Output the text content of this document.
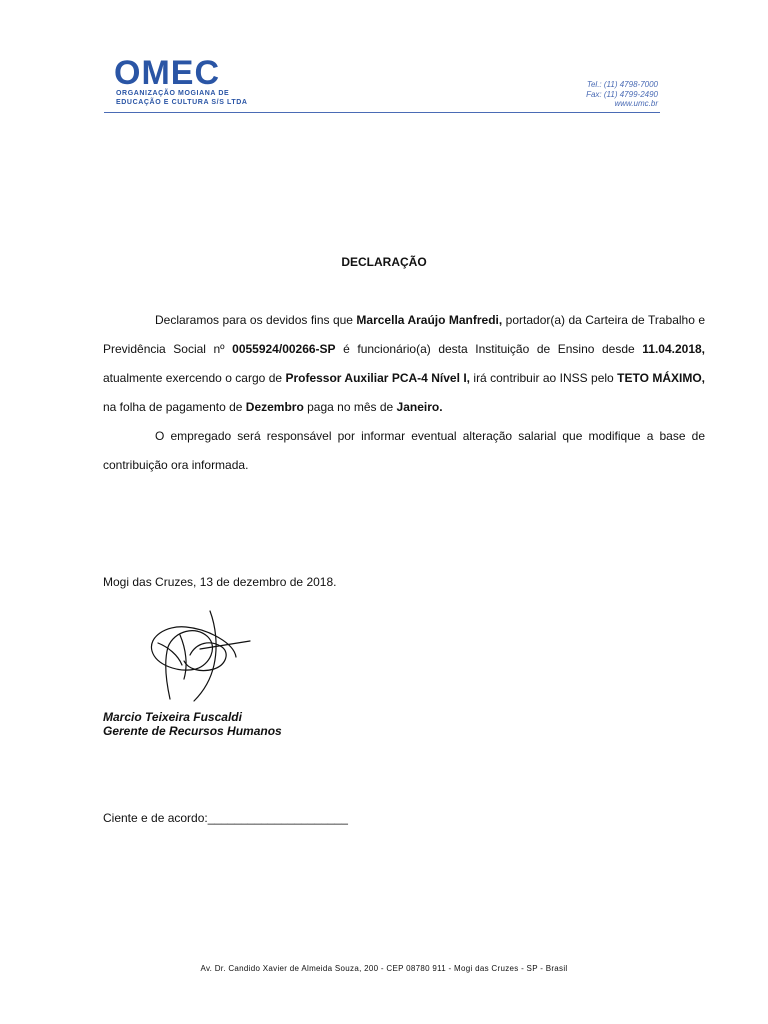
OMEC
ORGANIZAÇÃO MOGIANA DE
EDUCAÇÃO E CULTURA S/S LTDA
Tel.: (11) 4798-7000
Fax: (11) 4799-2490
www.umc.br
DECLARAÇÃO

Declaramos para os devidos fins que Marcella Araújo Manfredi, portador(a) da Carteira de Trabalho e Previdência Social nº 0055924/00266-SP é funcionário(a) desta Instituição de Ensino desde 11.04.2018, atualmente exercendo o cargo de Professor Auxiliar PCA-4 Nível I, irá contribuir ao INSS pelo TETO MÁXIMO, na folha de pagamento de Dezembro paga no mês de Janeiro.

O empregado será responsável por informar eventual alteração salarial que modifique a base de contribuição ora informada.

Mogi das Cruzes, 13 de dezembro de 2018.
Marcio Teixeira Fuscaldi
Gerente de Recursos Humanos
Ciente e de acordo:_____________________
Av. Dr. Candido Xavier de Almeida Souza, 200 - CEP 08780 911 - Mogi das Cruzes - SP - Brasil
